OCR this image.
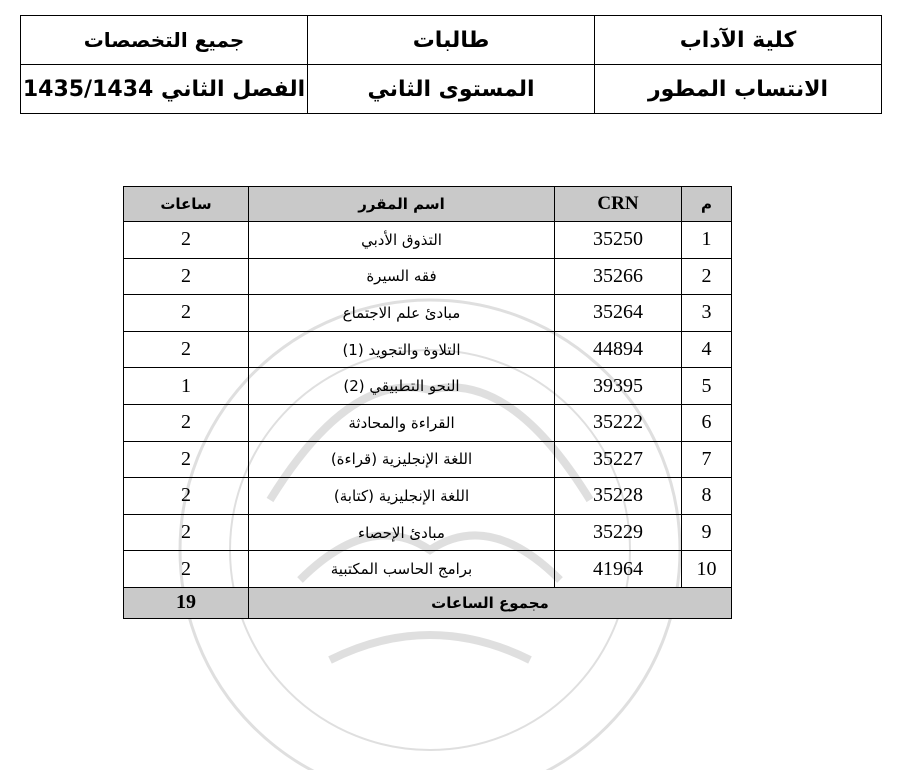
كلية الآداب	طالبات	جميع التخصصات
الانتساب المطور	المستوى الثاني	الفصل الثاني 1435/1434
م	CRN	اسم المقرر	ساعات
1	35250	التذوق الأدبي	2
2	35266	فقه السيرة	2
3	35264	مبادئ علم الاجتماع	2
4	44894	التلاوة والتجويد (1)	2
5	39395	النحو التطبيقي (2)	1
6	35222	القراءة والمحادثة	2
7	35227	اللغة الإنجليزية (قراءة)	2
8	35228	اللغة الإنجليزية (كتابة)	2
9	35229	مبادئ الإحصاء	2
10	41964	برامج الحاسب المكتبية	2
مجموع الساعات			19
